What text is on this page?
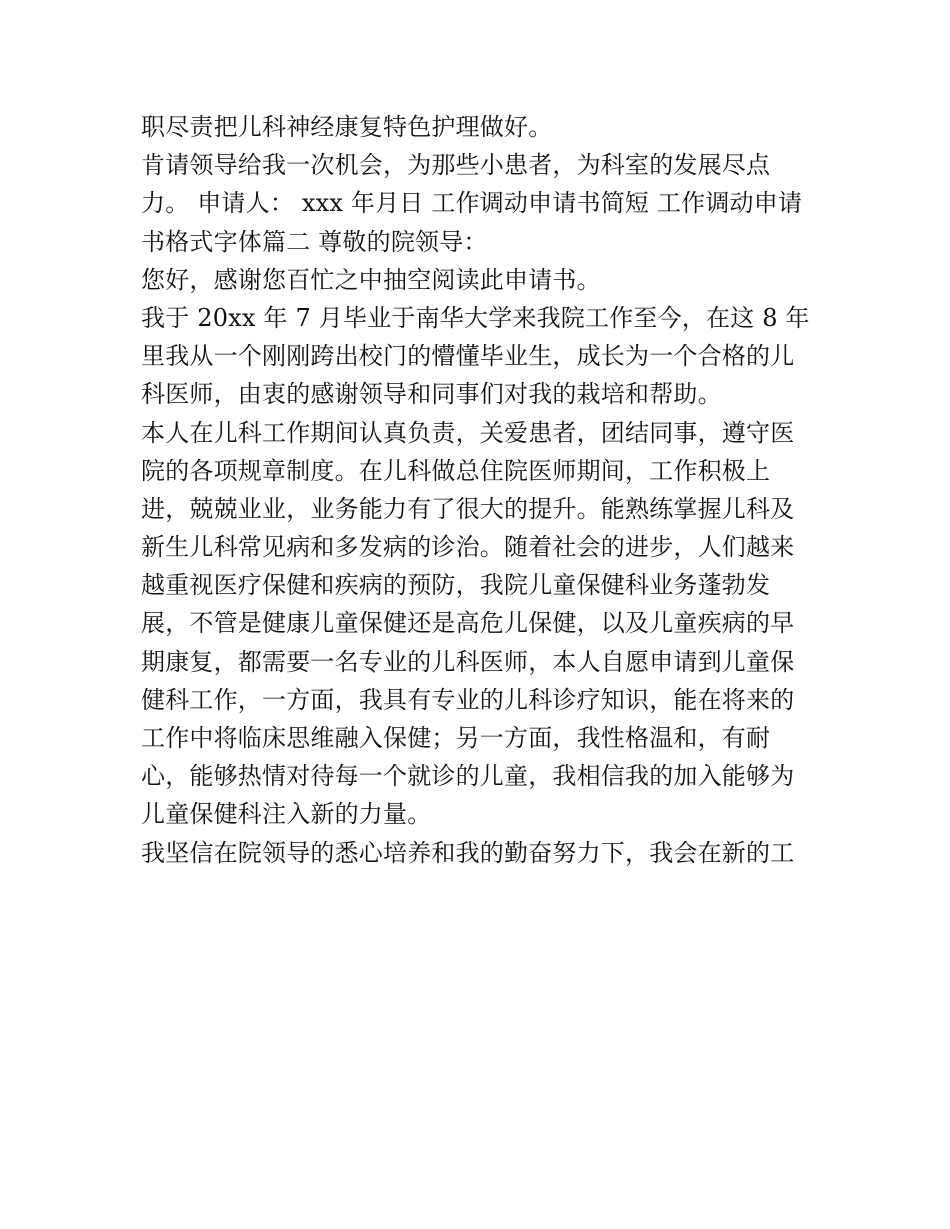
职尽责把儿科神经康复特色护理做好。

肯请领导给我一次机会，为那些小患者，为科室的发展尽点

力。 申请人： xxx 年月日 工作调动申请书简短 工作调动申请

书格式字体篇二 尊敬的院领导：

您好，感谢您百忙之中抽空阅读此申请书。

我于 20xx 年 7 月毕业于南华大学来我院工作至今，在这 8 年

里我从一个刚刚跨出校门的懵懂毕业生，成长为一个合格的儿

科医师，由衷的感谢领导和同事们对我的栽培和帮助。

本人在儿科工作期间认真负责，关爱患者，团结同事，遵守医

院的各项规章制度。在儿科做总住院医师期间，工作积极上

进，兢兢业业，业务能力有了很大的提升。能熟练掌握儿科及

新生儿科常见病和多发病的诊治。随着社会的进步，人们越来

越重视医疗保健和疾病的预防，我院儿童保健科业务蓬勃发

展，不管是健康儿童保健还是高危儿保健，以及儿童疾病的早

期康复，都需要一名专业的儿科医师，本人自愿申请到儿童保

健科工作，一方面，我具有专业的儿科诊疗知识，能在将来的

工作中将临床思维融入保健；另一方面，我性格温和，有耐

心，能够热情对待每一个就诊的儿童，我相信我的加入能够为

儿童保健科注入新的力量。

我坚信在院领导的悉心培养和我的勤奋努力下，我会在新的工
